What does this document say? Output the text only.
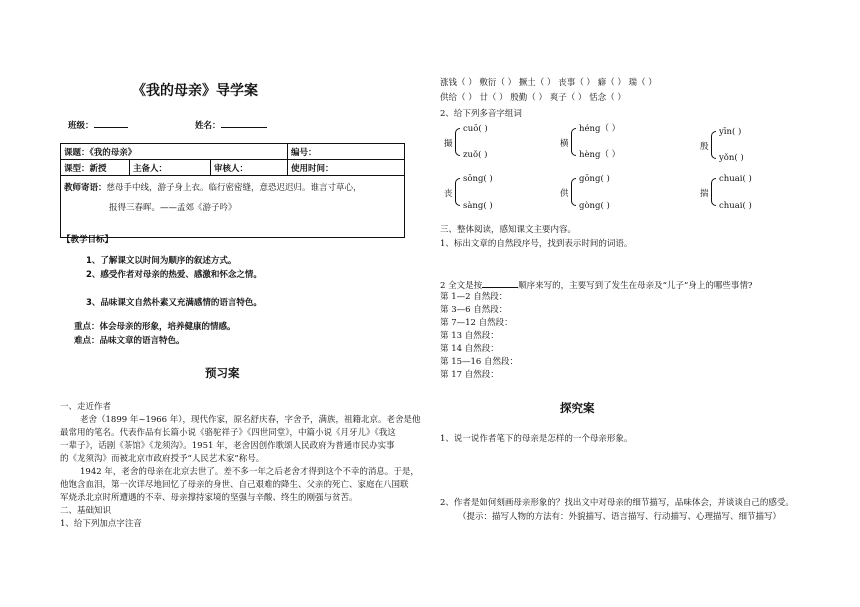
《我的母亲》导学案
班级：	姓名：
课题：《我的母亲》			编号：
课型：新授	主备人：	审核人：	使用时间：

教师寄语：慈母手中线，游子身上衣。临行密密缝，意恐迟迟归。谁言寸草心，
报得三春晖。——孟郊《游子吟》			
【教学目标】
1、了解课文以时间为顺序的叙述方式。
2、感受作者对母亲的热爱、感激和怀念之情。
3、品味课文自然朴素又充满感情的语言特色。
重点：体会母亲的形象，培养健康的情感。
难点：品味文章的语言特色。
预习案
一、走近作者
老舍（1899 年~1966 年），现代作家，原名舒庆春，字舍予，满族，祖籍北京。老舍是他
最常用的笔名。代表作品有长篇小说《骆驼祥子》《四世同堂》，中篇小说《月牙儿》《我这
一辈子》，话剧《茶馆》《龙须沟》。1951 年，老舍因创作歌颂人民政府为普通市民办实事
的《龙须沟》而被北京市政府授予“人民艺术家”称号。
1942 年，老舍的母亲在北京去世了。差不多一年之后老舍才得到这个不幸的消息。于是，
他饱含血泪，第一次详尽地回忆了母亲的身世、自己艰难的降生、父亲的死亡、家庭在八国联
军烧杀北京时所遭遇的不幸、母亲撑持家境的坚强与辛酸、终生的刚强与贫苦。
二、基础知识
1、给下列加点字注音
涨钱（ ） 敷衍（ ） 撅土（ ） 丧事（ ） 癖（ ） 瑞（ ）
供给（ ） 廿（ ） 殷勤（ ） 爽子（ ） 恬念（ ）
2、给下列多音字组词
撮
cuō( )
zuǒ( )
横
héng（ ）
hèng（ ）
殷
yīn( )
yǒn( )
丧
sōng( )
sàng( )
供
gōng( )
gòng( )
揣
chuai( )
chuai( )
三、整体阅读，感知课文主要内容。
1、标出文章的自然段序号，找到表示时间的词语。
2 全文是按	顺序来写的，主要写到了发生在母亲及“儿子”身上的哪些事情?
第 1—2 自然段：
第 3—6 自然段：
第 7—12 自然段：
第 13 自然段：
第 14 自然段：
第 15—16 自然段：
第 17 自然段：
探究案
1、说一说作者笔下的母亲是怎样的一个母亲形象。
2、作者是如何刻画母亲形象的？找出文中对母亲的细节描写，品味体会，并谈谈自己的感受。
（提示：描写人物的方法有：外貌描写、语言描写、行动描写、心理描写、细节描写）
